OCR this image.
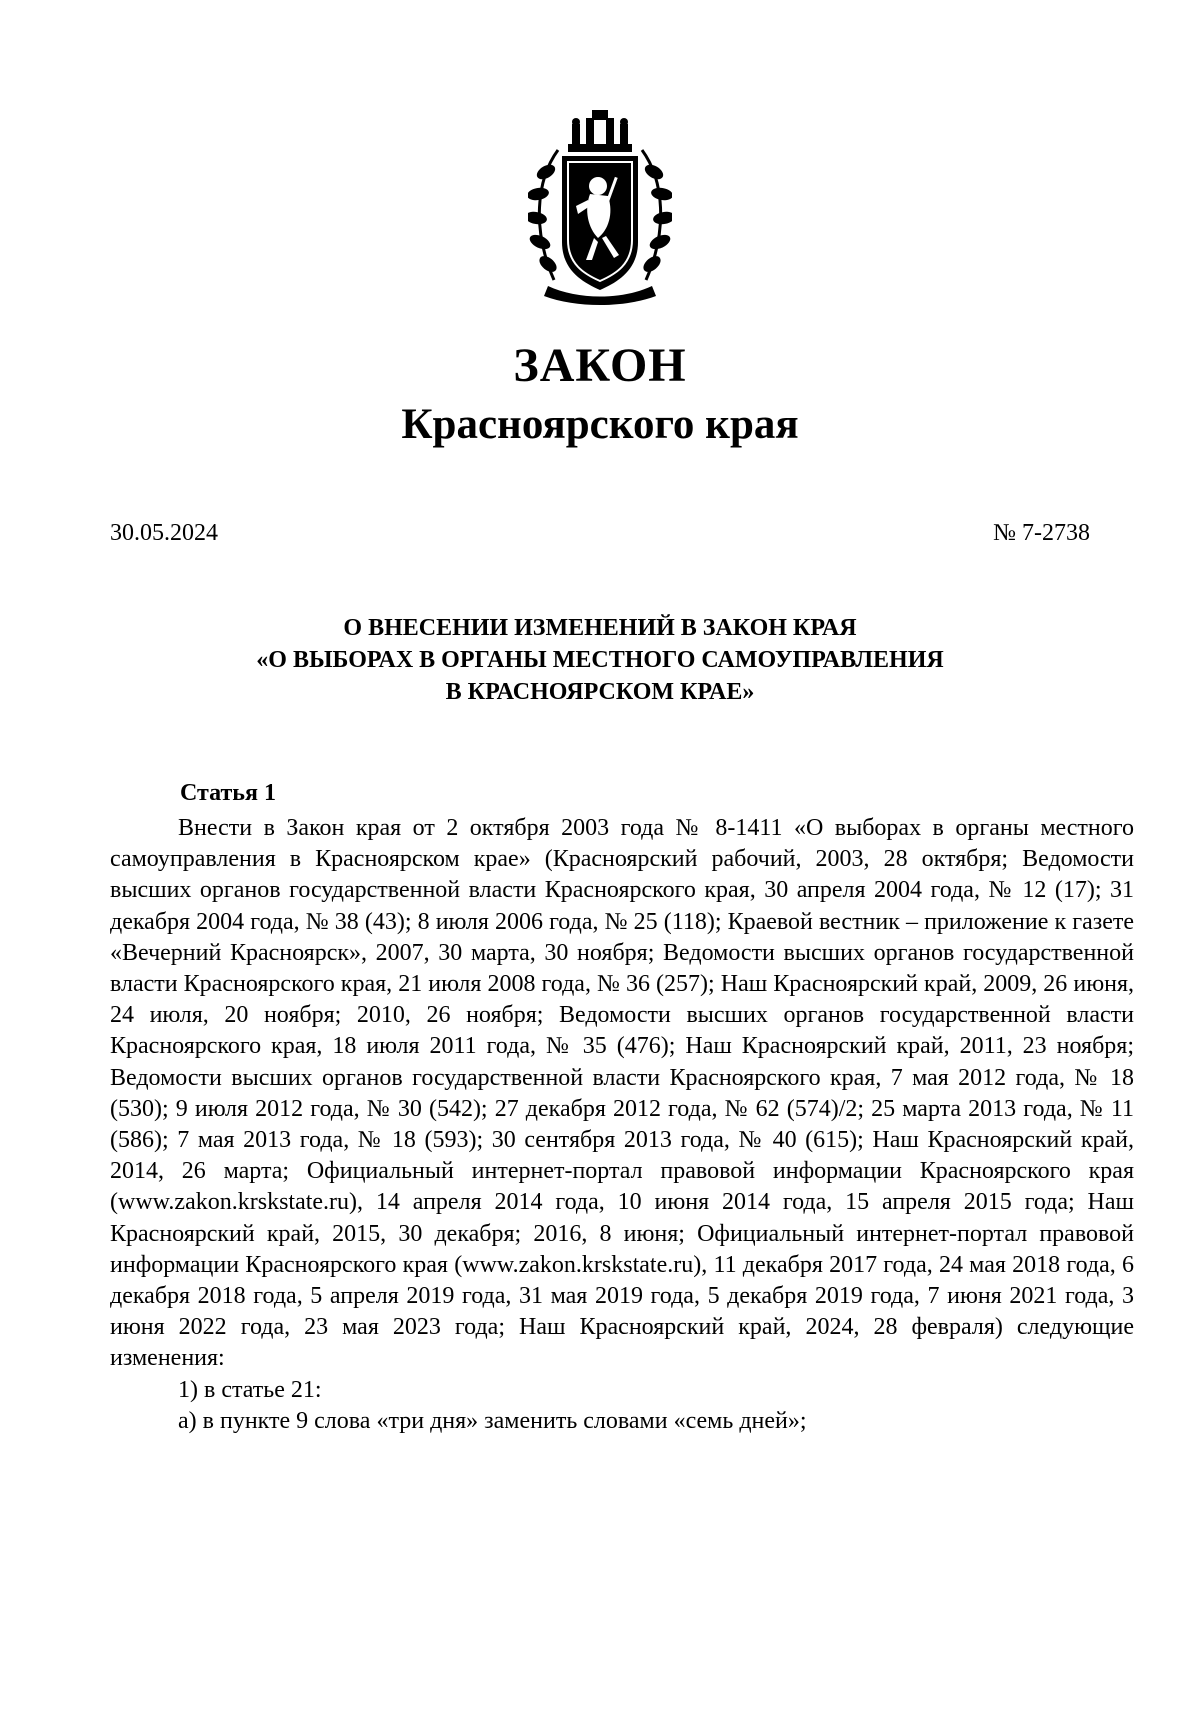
ЗАКОН
Красноярского края
30.05.2024	№ 7-2738
О ВНЕСЕНИИ ИЗМЕНЕНИЙ В ЗАКОН КРАЯ
«О ВЫБОРАХ В ОРГАНЫ МЕСТНОГО САМОУПРАВЛЕНИЯ
В КРАСНОЯРСКОМ КРАЕ»
Статья 1

Внести в Закон края от 2 октября 2003 года № 8-1411 «О выборах в органы местного самоуправления в Красноярском крае» (Красноярский рабочий, 2003, 28 октября; Ведомости высших органов государственной власти Красноярского края, 30 апреля 2004 года, № 12 (17); 31 декабря 2004 года, № 38 (43); 8 июля 2006 года, № 25 (118); Краевой вестник – приложение к газете «Вечерний Красноярск», 2007, 30 марта, 30 ноября; Ведомости высших органов государственной власти Красноярского края, 21 июля 2008 года, № 36 (257); Наш Красноярский край, 2009, 26 июня, 24 июля, 20 ноября; 2010, 26 ноября; Ведомости высших органов государственной власти Красноярского края, 18 июля 2011 года, № 35 (476); Наш Красноярский край, 2011, 23 ноября; Ведомости высших органов государственной власти Красноярского края, 7 мая 2012 года, № 18 (530); 9 июля 2012 года, № 30 (542); 27 декабря 2012 года, № 62 (574)/2; 25 марта 2013 года, № 11 (586); 7 мая 2013 года, № 18 (593); 30 сентября 2013 года, № 40 (615); Наш Красноярский край, 2014, 26 марта; Официальный интернет-портал правовой информации Красноярского края (www.zakon.krskstate.ru), 14 апреля 2014 года, 10 июня 2014 года, 15 апреля 2015 года; Наш Красноярский край, 2015, 30 декабря; 2016, 8 июня; Официальный интернет-портал правовой информации Красноярского края (www.zakon.krskstate.ru), 11 декабря 2017 года, 24 мая 2018 года, 6 декабря 2018 года, 5 апреля 2019 года, 31 мая 2019 года, 5 декабря 2019 года, 7 июня 2021 года, 3 июня 2022 года, 23 мая 2023 года; Наш Красноярский край, 2024, 28 февраля) следующие изменения:

1) в статье 21:

а) в пункте 9 слова «три дня» заменить словами «семь дней»;
